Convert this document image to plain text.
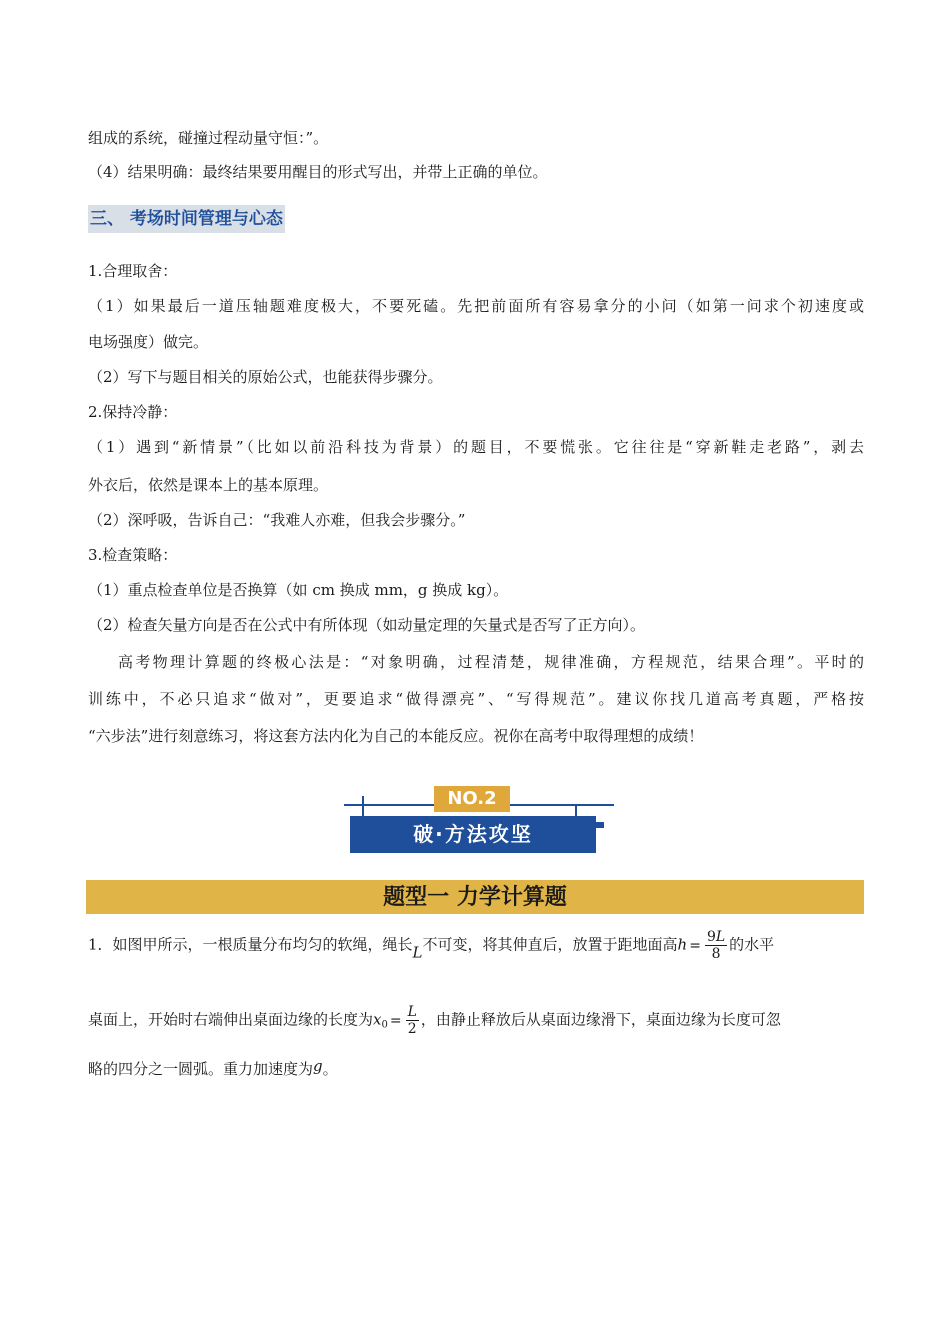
组成的系统，碰撞过程动量守恒：”。
（4）结果明确：最终结果要用醒目的形式写出，并带上正确的单位。
三、 考场时间管理与心态
1.合理取舍：
（1）如果最后一道压轴题难度极大，不要死磕。先把前面所有容易拿分的小问（如第一问求个初速度或
电场强度）做完。
（2）写下与题目相关的原始公式，也能获得步骤分。
2.保持冷静：
（1）遇到“新情景”（比如以前沿科技为背景）的题目，不要慌张。它往往是“穿新鞋走老路”，剥去
外衣后，依然是课本上的基本原理。
（2）深呼吸，告诉自己：“我难人亦难，但我会步骤分。”
3.检查策略：
（1）重点检查单位是否换算（如 cm 换成 mm，g 换成 kg）。
（2）检查矢量方向是否在公式中有所体现（如动量定理的矢量式是否写了正方向）。
高考物理计算题的终极心法是：“对象明确，过程清楚，规律准确，方程规范，结果合理”。平时的
训练中，不必只追求“做对”，更要追求“做得漂亮”、“写得规范”。建议你找几道高考真题，严格按
“六步法”进行刻意练习，将这套方法内化为自己的本能反应。祝你在高考中取得理想的成绩！
NO.2
破·方法攻坚
题型一 力学计算题
1．如图甲所示，一根质量分布均匀的软绳，绳长L不可变，将其伸直后，放置于距地面高$h = \frac{9L}{8}$ 的水平
桌面上，开始时右端伸出桌面边缘的长度为$x_0 = \frac{L}{2}$ ，由静止释放后从桌面边缘滑下，桌面边缘为长度可忽
略的四分之一圆弧。重力加速度为g。
